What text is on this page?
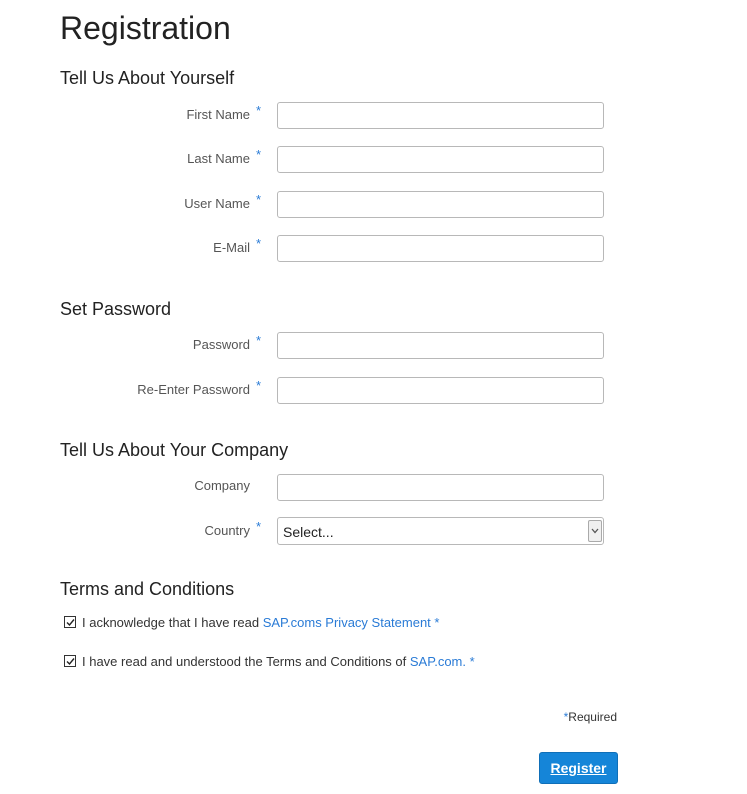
Registration
Tell Us About Yourself
First Name *
Last Name *
User Name *
E-Mail *
Set Password
Password *
Re-Enter Password *
Tell Us About Your Company
Company
Country * Select...
Terms and Conditions
I acknowledge that I have read SAP.coms Privacy Statement *
I have read and understood the Terms and Conditions of SAP.com. *
*Required
Register
